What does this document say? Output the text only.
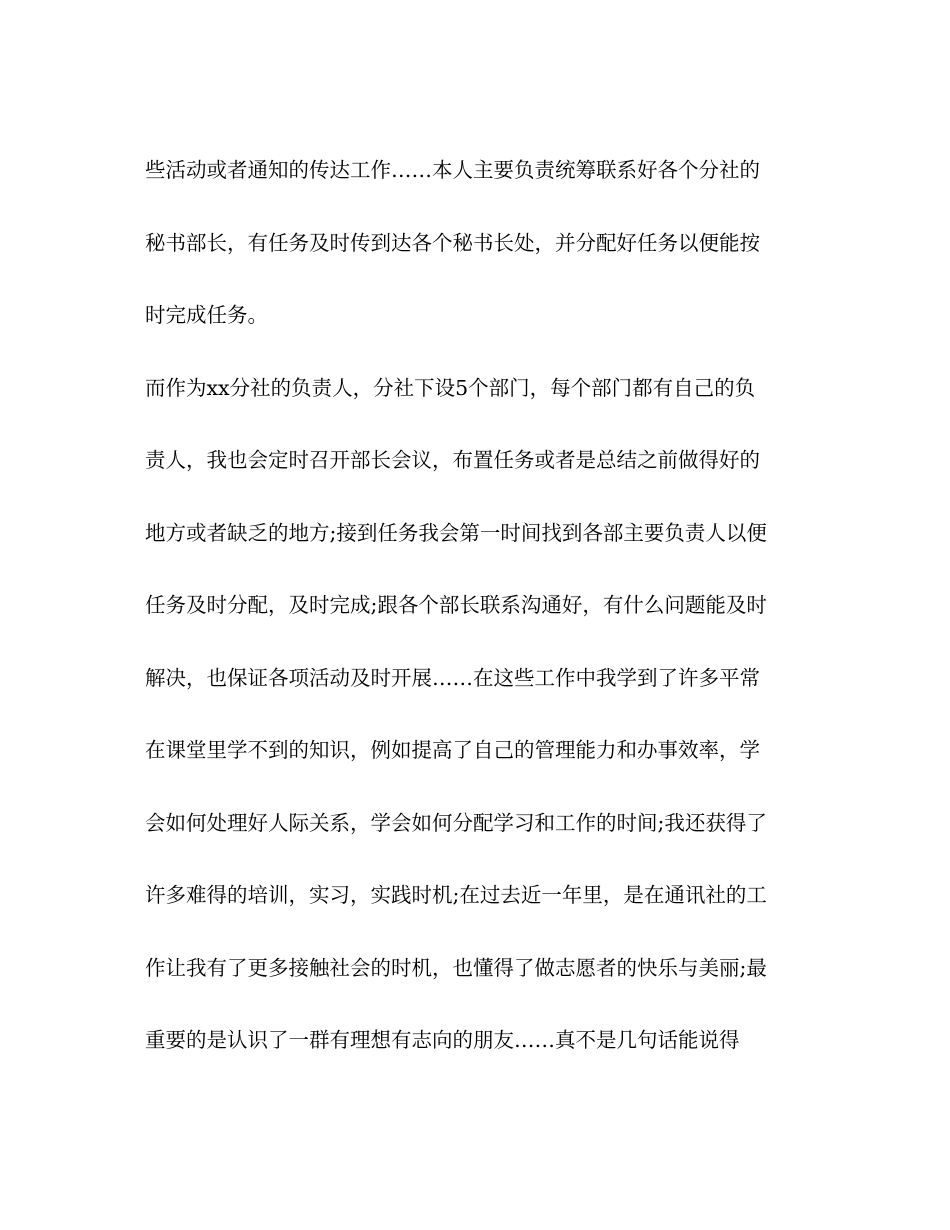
些活动或者通知的传达工作……本人主要负责统筹联系好各个分社的
秘书部长，有任务及时传到达各个秘书长处，并分配好任务以便能按
时完成任务。
而作为xx分社的负责人，分社下设5个部门，每个部门都有自己的负
责人，我也会定时召开部长会议，布置任务或者是总结之前做得好的
地方或者缺乏的地方;接到任务我会第一时间找到各部主要负责人以便
任务及时分配，及时完成;跟各个部长联系沟通好，有什么问题能及时
解决，也保证各项活动及时开展……在这些工作中我学到了许多平常
在课堂里学不到的知识，例如提高了自己的管理能力和办事效率，学
会如何处理好人际关系，学会如何分配学习和工作的时间;我还获得了
许多难得的培训，实习，实践时机;在过去近一年里，是在通讯社的工
作让我有了更多接触社会的时机，也懂得了做志愿者的快乐与美丽;最
重要的是认识了一群有理想有志向的朋友……真不是几句话能说得
